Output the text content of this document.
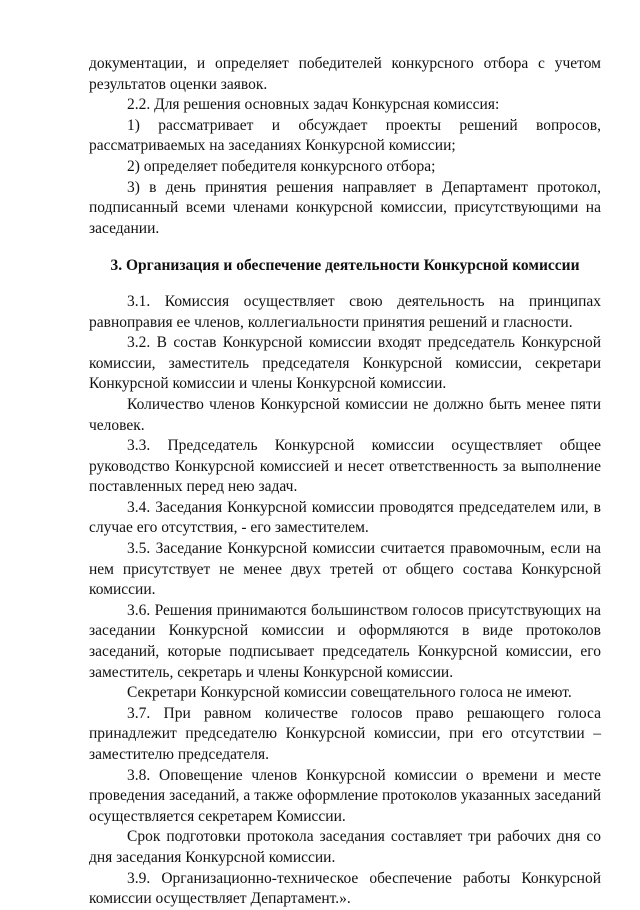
документации, и определяет победителей конкурсного отбора с учетом результатов оценки заявок.

2.2. Для решения основных задач Конкурсная комиссия:

1) рассматривает и обсуждает проекты решений вопросов, рассматриваемых на заседаниях Конкурсной комиссии;

2) определяет победителя конкурсного отбора;

3) в день принятия решения направляет в Департамент протокол, подписанный всеми членами конкурсной комиссии, присутствующими на заседании.

3. Организация и обеспечение деятельности Конкурсной комиссии

3.1. Комиссия осуществляет свою деятельность на принципах равноправия ее членов, коллегиальности принятия решений и гласности.

3.2. В состав Конкурсной комиссии входят председатель Конкурсной комиссии, заместитель председателя Конкурсной комиссии, секретари Конкурсной комиссии и члены Конкурсной комиссии.

Количество членов Конкурсной комиссии не должно быть менее пяти человек.

3.3. Председатель Конкурсной комиссии осуществляет общее руководство Конкурсной комиссией и несет ответственность за выполнение поставленных перед нею задач.

3.4. Заседания Конкурсной комиссии проводятся председателем или, в случае его отсутствия, - его заместителем.

3.5. Заседание Конкурсной комиссии считается правомочным, если на нем присутствует не менее двух третей от общего состава Конкурсной комиссии.

3.6. Решения принимаются большинством голосов присутствующих на заседании Конкурсной комиссии и оформляются в виде протоколов заседаний, которые подписывает председатель Конкурсной комиссии, его заместитель, секретарь и члены Конкурсной комиссии.

Секретари Конкурсной комиссии совещательного голоса не имеют.

3.7. При равном количестве голосов право решающего голоса принадлежит председателю Конкурсной комиссии, при его отсутствии – заместителю председателя.

3.8. Оповещение членов Конкурсной комиссии о времени и месте проведения заседаний, а также оформление протоколов указанных заседаний осуществляется секретарем Комиссии.

Срок подготовки протокола заседания составляет три рабочих дня со дня заседания Конкурсной комиссии.

3.9. Организационно-техническое обеспечение работы Конкурсной комиссии осуществляет Департамент.».
